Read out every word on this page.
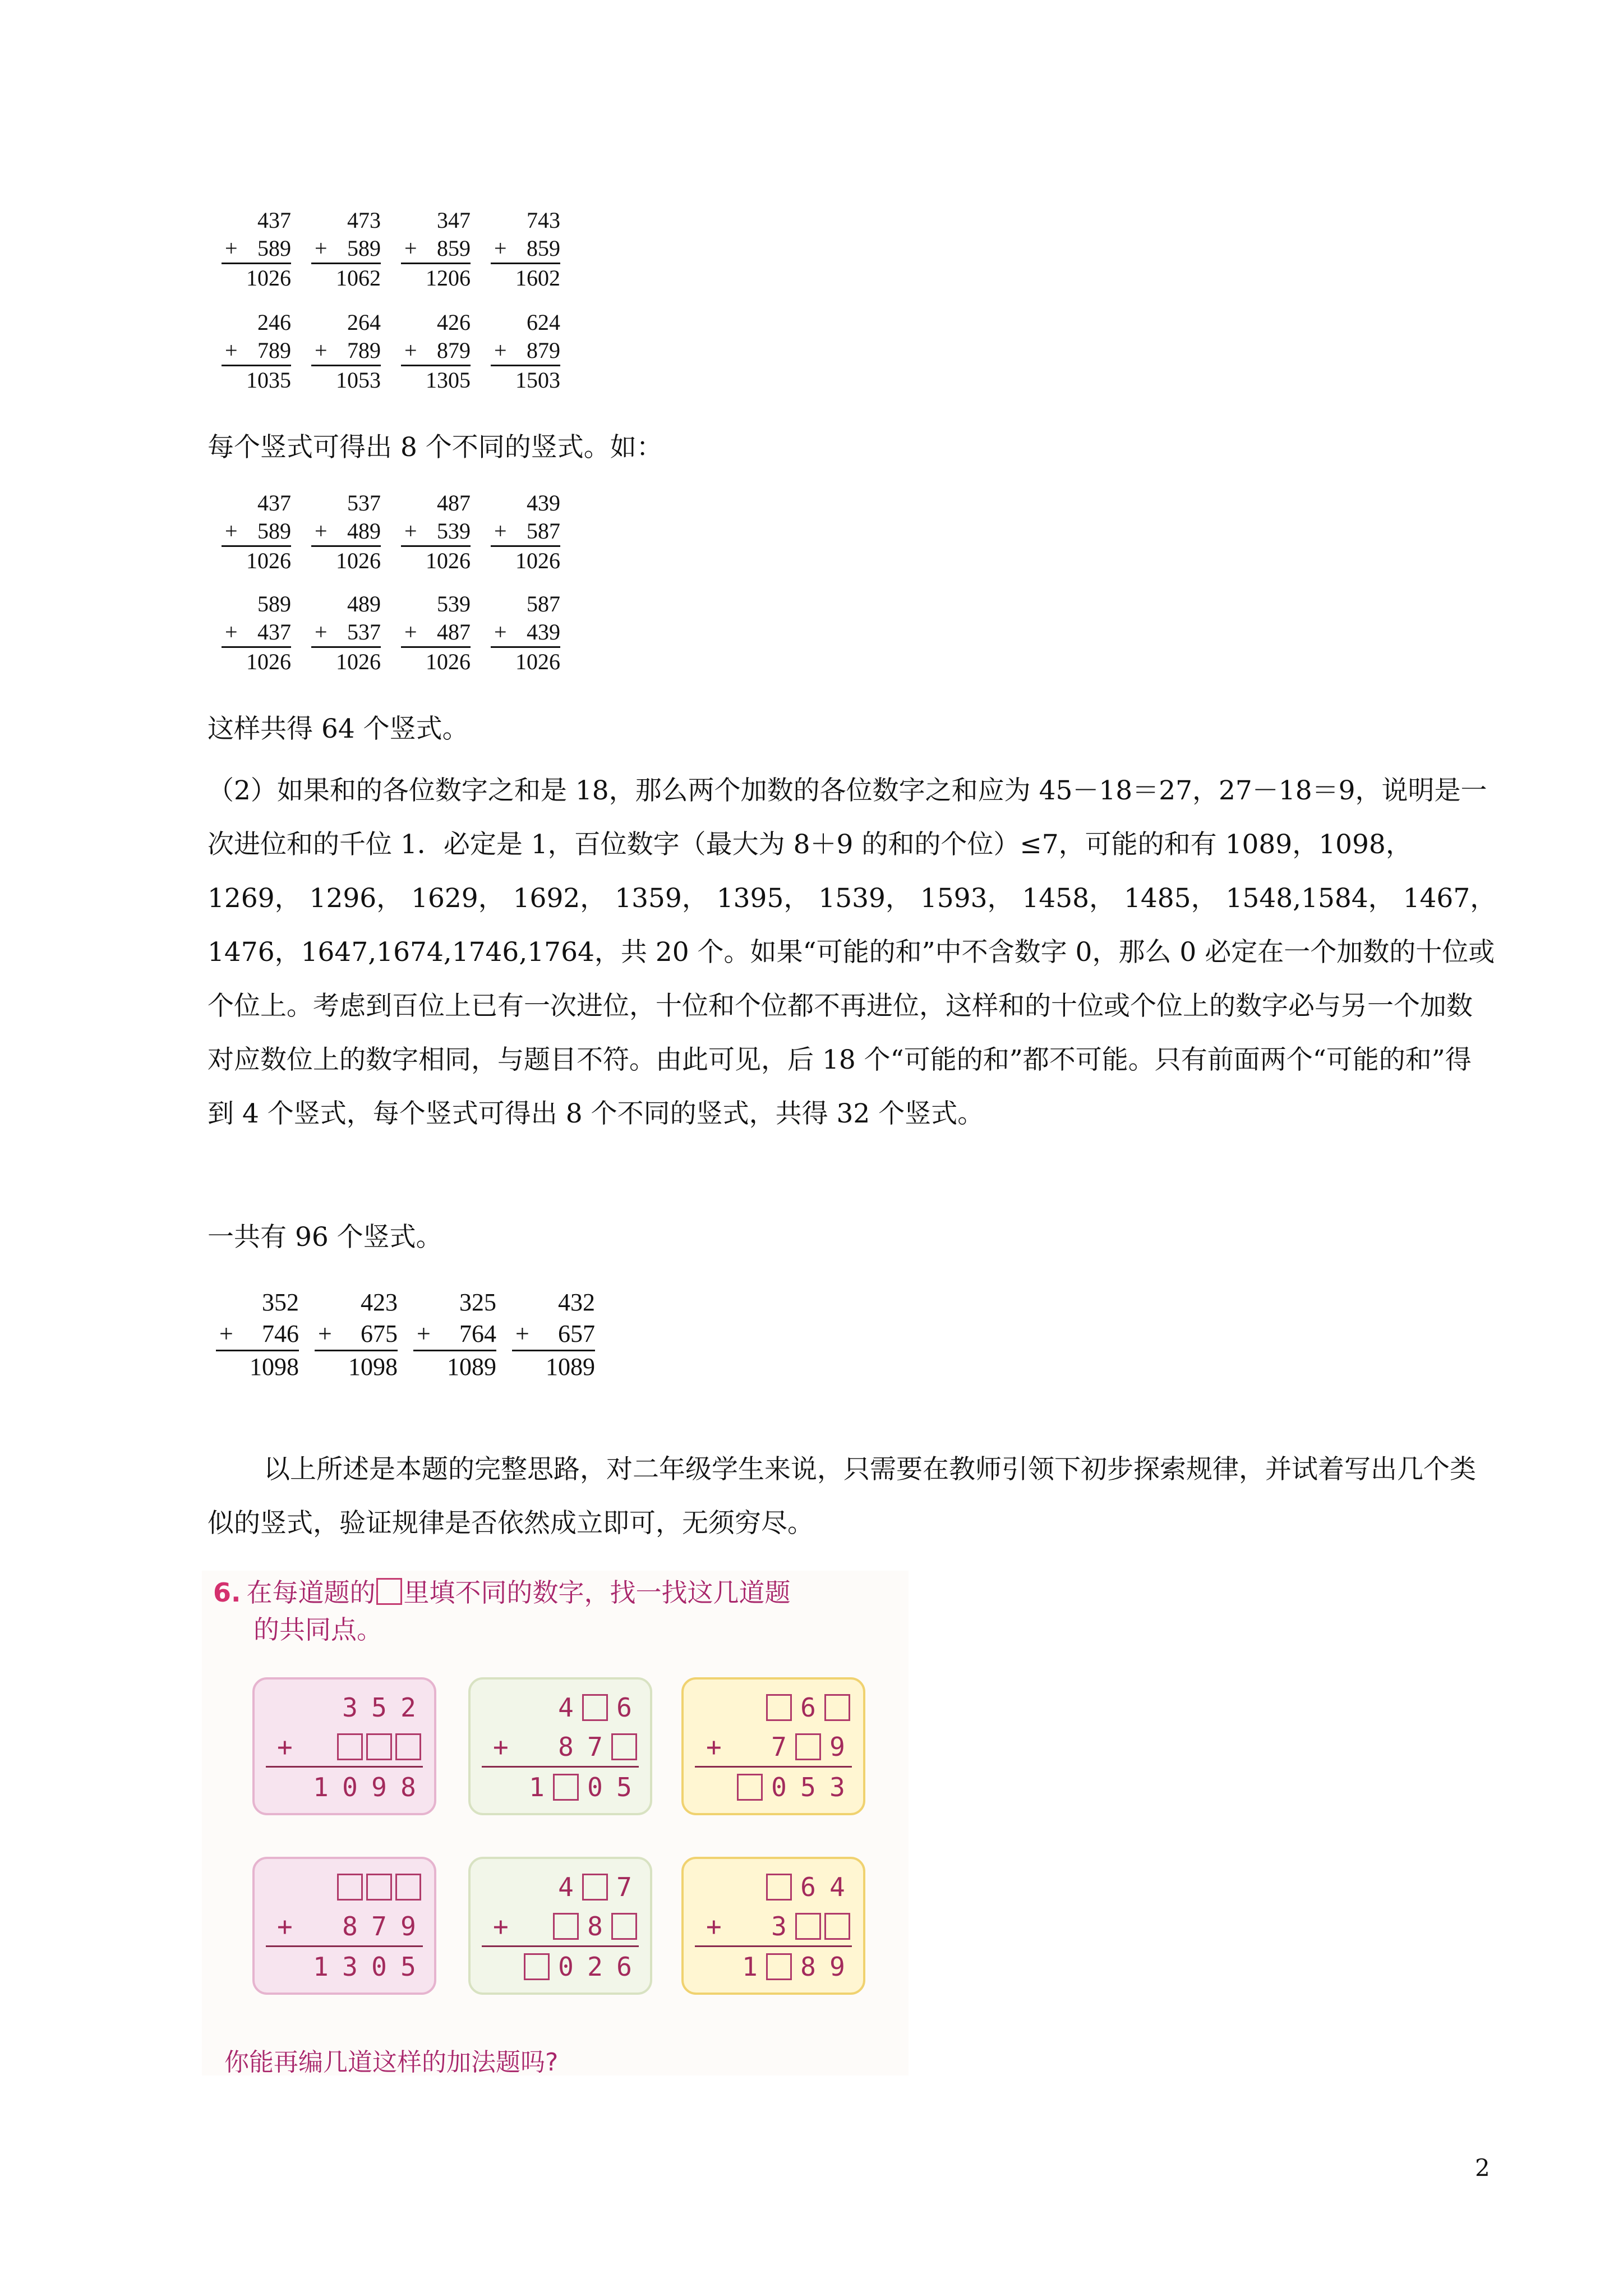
437
+ 589
1026
473
+ 589
1062
347
+ 859
1206
743
+ 859
1602
246
+ 789
1035
264
+ 789
1053
426
+ 879
1305
624
+ 879
1503

每个竖式可得出 8 个不同的竖式。如：

437
+ 589
1026
537
+ 489
1026
487
+ 539
1026
439
+ 587
1026
589
+ 437
1026
489
+ 537
1026
539
+ 487
1026
587
+ 439
1026

这样共得 64 个竖式。

（2）如果和的各位数字之和是 18，那么两个加数的各位数字之和应为 45－18＝27，27－18＝9，说明是一次进位和的千位 1．必定是 1，百位数字（最大为 8＋9 的和的个位）≤7，可能的和有 1089，1098，1269， 1296， 1629， 1692， 1359， 1395， 1539， 1593， 1458， 1485， 1548,1584， 1467， 1476，1647,1674,1746,1764，共 20 个。如果“可能的和”中不含数字 0，那么 0 必定在一个加数的十位或个位上。考虑到百位上已有一次进位，十位和个位都不再进位，这样和的十位或个位上的数字必与另一个加数对应数位上的数字相同，与题目不符。由此可见，后 18 个“可能的和”都不可能。只有前面两个“可能的和”得到 4 个竖式，每个竖式可得出 8 个不同的竖式，共得 32 个竖式。

一共有 96 个竖式。

352
+ 746
1098
423
+ 675
1098
325
+ 764
1089
432
+ 657
1089

以上所述是本题的完整思路，对二年级学生来说，只需要在教师引领下初步探索规律，并试着写出几个类似的竖式，验证规律是否依然成立即可，无须穷尽。

6. 在每道题的 里填不同的数字，找一找这几道题
的共同点。
3 5 2
+
1 0 9 8
4 6
+ 8 7
1 0 5
6
+ 7 9
0 5 3
+ 8 7 9
1 3 0 5
4 7
+	8
0 2 6
6 4
+ 3
1 8 9
你能再编几道这样的加法题吗?
2
